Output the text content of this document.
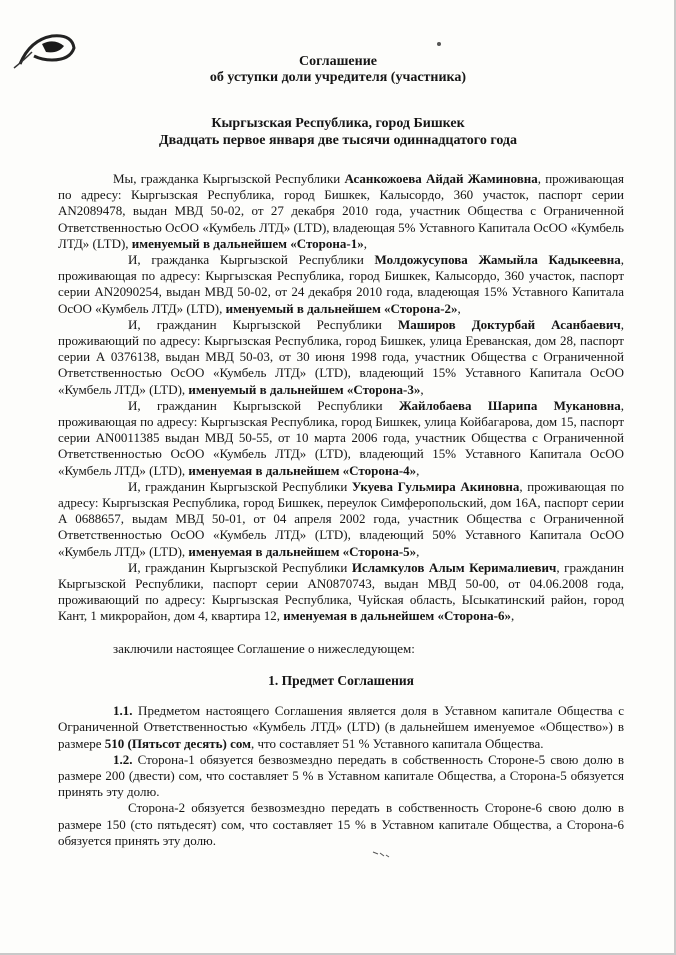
Соглашение
об уступки доли учредителя (участника)
Кыргызская Республика, город Бишкек
Двадцать первое января две тысячи одиннадцатого года

Мы, гражданка Кыргызской Республики Асанкожоева Айдай Жаминовна, проживающая по адресу: Кыргызская Республика, город Бишкек, Калысордо, 360 участок, паспорт серии AN2089478, выдан МВД 50-02, от 27 декабря 2010 года, участник Общества с Ограниченной Ответственностью ОсОО «Кумбель ЛТД» (LTD), владеющая 5% Уставного Капитала ОсОО «Кумбель ЛТД» (LTD), именуемый в дальнейшем «Сторона-1»,

И, гражданка Кыргызской Республики Молдожусупова Жамыйла Кадыкеевна, проживающая по адресу: Кыргызская Республика, город Бишкек, Калысордо, 360 участок, паспорт серии AN2090254, выдан МВД 50-02, от 24 декабря 2010 года, владеющая 15% Уставного Капитала ОсОО «Кумбель ЛТД» (LTD), именуемый в дальнейшем «Сторона-2»,

И, гражданин Кыргызской Республики Маширов Доктурбай Асанбаевич, проживающий по адресу: Кыргызская Республика, город Бишкек, улица Ереванская, дом 28, паспорт серии А 0376138, выдан МВД 50-03, от 30 июня 1998 года, участник Общества с Ограниченной Ответственностью ОсОО «Кумбель ЛТД» (LTD), владеющий 15% Уставного Капитала ОсОО «Кумбель ЛТД» (LTD), именуемый в дальнейшем «Сторона-3»,

И, гражданин Кыргызской Республики Жайлобаева Шарипа Мукановна, проживающая по адресу: Кыргызская Республика, город Бишкек, улица Койбагарова, дом 15, паспорт серии AN0011385 выдан МВД 50-55, от 10 марта 2006 года, участник Общества с Ограниченной Ответственностью ОсОО «Кумбель ЛТД» (LTD), владеющий 15% Уставного Капитала ОсОО «Кумбель ЛТД» (LTD), именуемая в дальнейшем «Сторона-4»,

И, гражданин Кыргызской Республики Укуева Гульмира Акиновна, проживающая по адресу: Кыргызская Республика, город Бишкек, переулок Симферопольский, дом 16А, паспорт серии А 0688657, выдам МВД 50-01, от 04 апреля 2002 года, участник Общества с Ограниченной Ответственностью ОсОО «Кумбель ЛТД» (LTD), владеющий 50% Уставного Капитала ОсОО «Кумбель ЛТД» (LTD), именуемая в дальнейшем «Сторона-5»,

И, гражданин Кыргызской Республики Исламкулов Алым Керималиевич, гражданин Кыргызской Республики, паспорт серии AN0870743, выдан МВД 50-00, от 04.06.2008 года, проживающий по адресу: Кыргызская Республика, Чуйская область, Ысыкатинский район, город Кант, 1 микрорайон, дом 4, квартира 12, именуемая в дальнейшем «Сторона-6»,

заключили настоящее Соглашение о нижеследующем:

1. Предмет Соглашения

1.1. Предметом настоящего Соглашения является доля в Уставном капитале Общества с Ограниченной Ответственностью «Кумбель ЛТД» (LTD) (в дальнейшем именуемое «Общество») в размере 510 (Пятьсот десять) сом, что составляет 51 % Уставного капитала Общества.

1.2. Сторона-1 обязуется безвозмездно передать в собственность Стороне-5 свою долю в размере 200 (двести) сом, что составляет 5 % в Уставном капитале Общества, а Сторона-5 обязуется принять эту долю.

Сторона-2 обязуется безвозмездно передать в собственность Стороне-6 свою долю в размере 150 (сто пятьдесят) сом, что составляет 15 % в Уставном капитале Общества, а Сторона-6 обязуется принять эту долю.
